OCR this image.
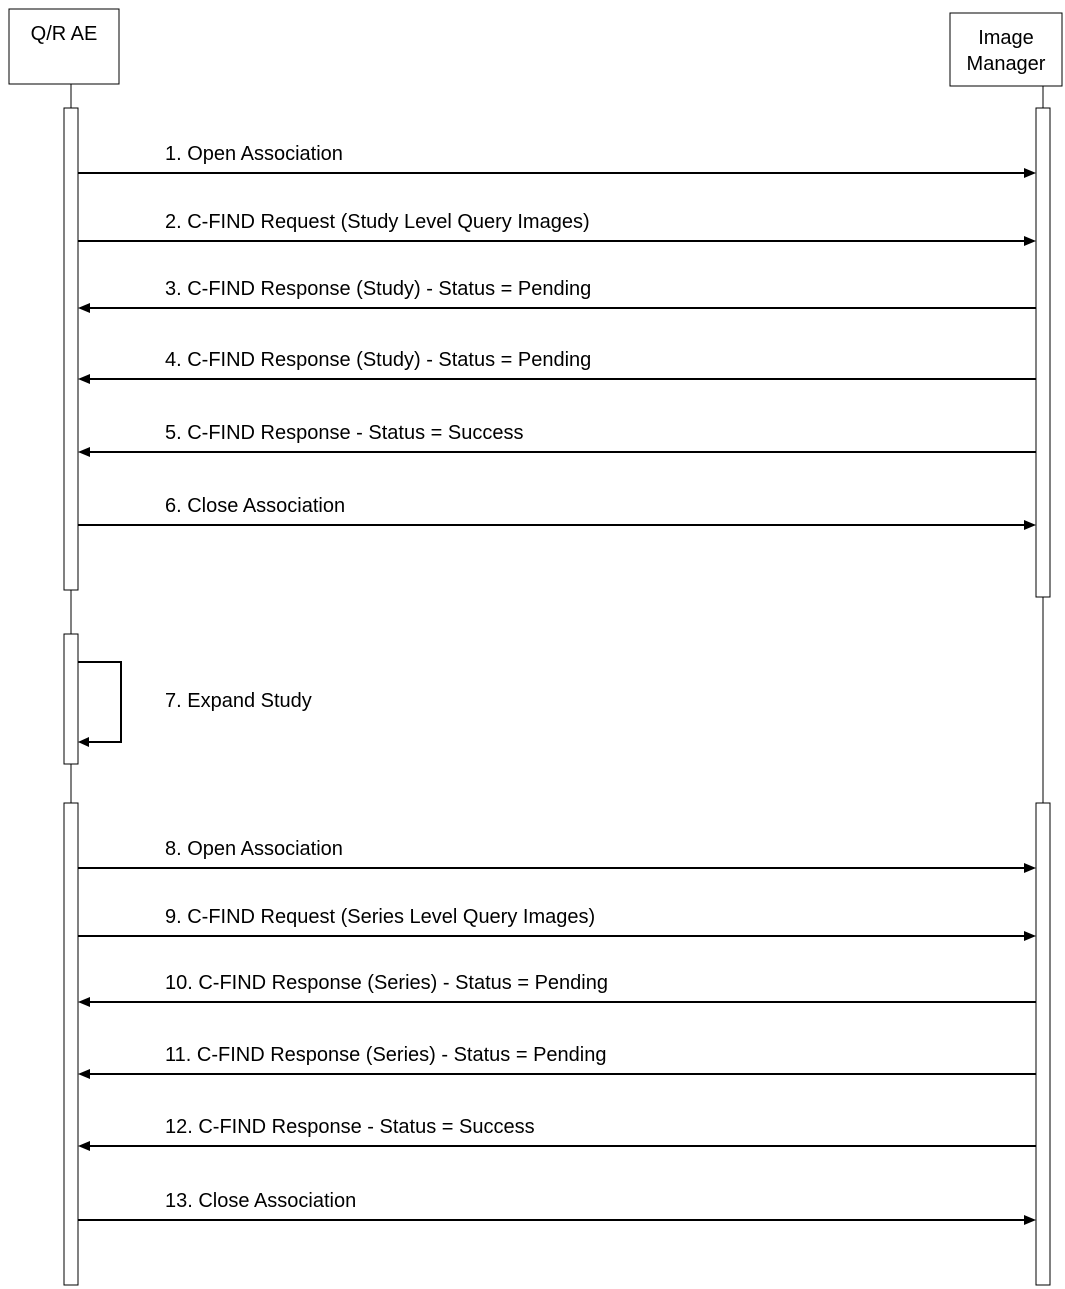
Q/R AE	Image
Manager
1. Open Association
2. C-FIND Request (Study Level Query Images)
3. C-FIND Response (Study) - Status = Pending
4. C-FIND Response (Study) - Status = Pending
5. C-FIND Response - Status = Success
6. Close Association
7. Expand Study
8. Open Association
9. C-FIND Request (Series Level Query Images)
10. C-FIND Response (Series) - Status = Pending
11. C-FIND Response (Series) - Status = Pending
12. C-FIND Response - Status = Success
13. Close Association
